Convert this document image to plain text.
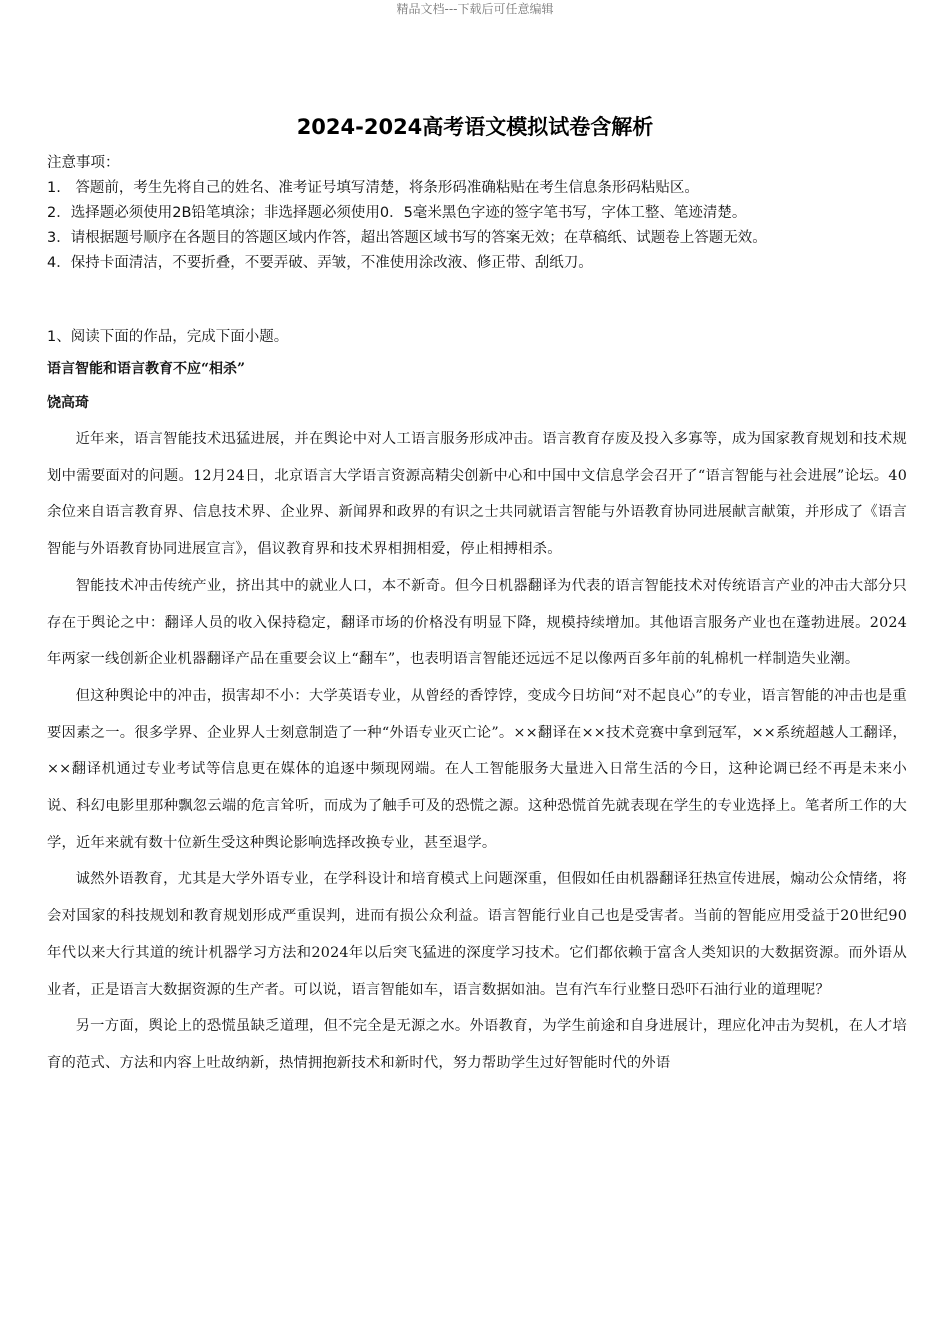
精品文档---下载后可任意编辑
2024-2024高考语文模拟试卷含解析
注意事项：
1.　答题前，考生先将自己的姓名、准考证号填写清楚，将条形码准确粘贴在考生信息条形码粘贴区。
2．选择题必须使用2B铅笔填涂；非选择题必须使用0．5毫米黑色字迹的签字笔书写，字体工整、笔迹清楚。
3．请根据题号顺序在各题目的答题区域内作答，超出答题区域书写的答案无效；在草稿纸、试题卷上答题无效。
4．保持卡面清洁，不要折叠，不要弄破、弄皱，不准使用涂改液、修正带、刮纸刀。
1、阅读下面的作品，完成下面小题。
语言智能和语言教育不应“相杀”
饶高琦

近年来，语言智能技术迅猛进展，并在舆论中对人工语言服务形成冲击。语言教育存废及投入多寡等，成为国家教育规划和技术规划中需要面对的问题。12月24日，北京语言大学语言资源高精尖创新中心和中国中文信息学会召开了“语言智能与社会进展”论坛。40余位来自语言教育界、信息技术界、企业界、新闻界和政界的有识之士共同就语言智能与外语教育协同进展献言献策，并形成了《语言智能与外语教育协同进展宣言》，倡议教育界和技术界相拥相爱，停止相搏相杀。

智能技术冲击传统产业，挤出其中的就业人口，本不新奇。但今日机器翻译为代表的语言智能技术对传统语言产业的冲击大部分只存在于舆论之中：翻译人员的收入保持稳定，翻译市场的价格没有明显下降，规模持续增加。其他语言服务产业也在蓬勃进展。2024年两家一线创新企业机器翻译产品在重要会议上“翻车”，也表明语言智能还远远不足以像两百多年前的轧棉机一样制造失业潮。

但这种舆论中的冲击，损害却不小：大学英语专业，从曾经的香饽饽，变成今日坊间“对不起良心”的专业，语言智能的冲击也是重要因素之一。很多学界、企业界人士刻意制造了一种“外语专业灭亡论”。××翻译在××技术竞赛中拿到冠军，××系统超越人工翻译，××翻译机通过专业考试等信息更在媒体的追逐中频现网端。在人工智能服务大量进入日常生活的今日，这种论调已经不再是未来小说、科幻电影里那种飘忽云端的危言耸听，而成为了触手可及的恐慌之源。这种恐慌首先就表现在学生的专业选择上。笔者所工作的大学，近年来就有数十位新生受这种舆论影响选择改换专业，甚至退学。

诚然外语教育，尤其是大学外语专业，在学科设计和培育模式上问题深重，但假如任由机器翻译狂热宣传进展，煽动公众情绪，将会对国家的科技规划和教育规划形成严重误判，进而有损公众利益。语言智能行业自己也是受害者。当前的智能应用受益于20世纪90年代以来大行其道的统计机器学习方法和2024年以后突飞猛进的深度学习技术。它们都依赖于富含人类知识的大数据资源。而外语从业者，正是语言大数据资源的生产者。可以说，语言智能如车，语言数据如油。岂有汽车行业整日恐吓石油行业的道理呢？

另一方面，舆论上的恐慌虽缺乏道理，但不完全是无源之水。外语教育，为学生前途和自身进展计，理应化冲击为契机，在人才培育的范式、方法和内容上吐故纳新，热情拥抱新技术和新时代，努力帮助学生过好智能时代的外语
